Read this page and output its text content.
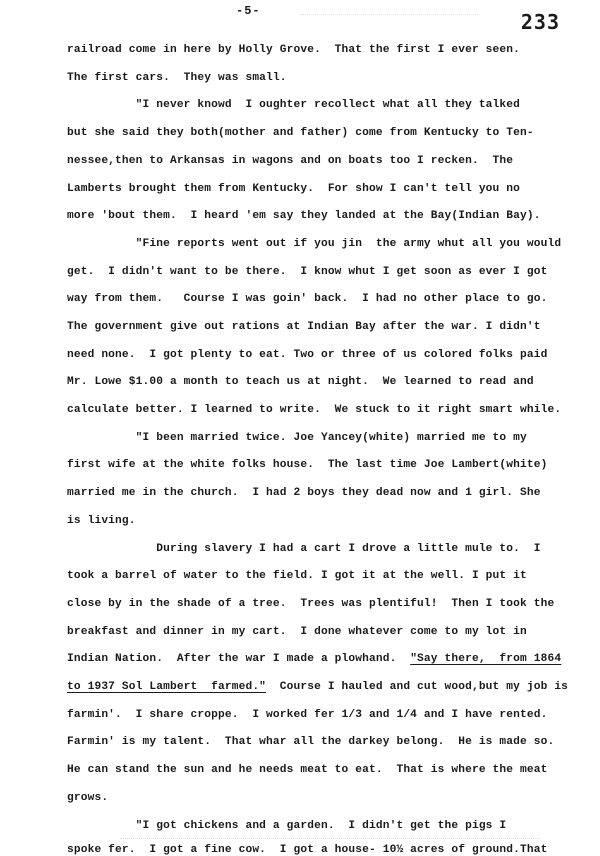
-5-	233
railroad come in here by Holly Grove.  That the first I ever seen.
The first cars.  They was small.
"I never knowd  I oughter recollect what all they talked
but she said they both(mother and father) come from Kentucky to Ten-
nessee,then to Arkansas in wagons and on boats too I recken.  The
Lamberts brought them from Kentucky.  For show I can't tell you no
more 'bout them.  I heard 'em say they landed at the Bay(Indian Bay).
"Fine reports went out if you jin  the army whut all you would
get.  I didn't want to be there.  I know whut I get soon as ever I got
way from them.   Course I was goin' back.  I had no other place to go.
The government give out rations at Indian Bay after the war. I didn't
need none.  I got plenty to eat. Two or three of us colored folks paid
Mr. Lowe $1.00 a month to teach us at night.  We learned to read and
calculate better. I learned to write.  We stuck to it right smart while.
"I been married twice. Joe Yancey(white) married me to my
first wife at the white folks house.  The last time Joe Lambert(white)
married me in the church.  I had 2 boys they dead now and 1 girl. She
is living.
During slavery I had a cart I drove a little mule to.  I
took a barrel of water to the field. I got it at the well. I put it
close by in the shade of a tree.  Trees was plentiful!  Then I took the
breakfast and dinner in my cart.  I done whatever come to my lot in
Indian Nation.  After the war I made a plowhand.  "Say there,  from 1864
to 1937 Sol Lambert  farmed."  Course I hauled and cut wood,but my job is
farmin'.  I share croppe.  I worked fer 1/3 and 1/4 and I have rented.
Farmin' is my talent.  That whar all the darkey belong.  He is made so.
He can stand the sun and he needs meat to eat.  That is where the meat
grows.
"I got chickens and a garden.  I didn't get the pigs I
spoke fer.  I got a fine cow.  I got a house- 10½ acres of ground.That
